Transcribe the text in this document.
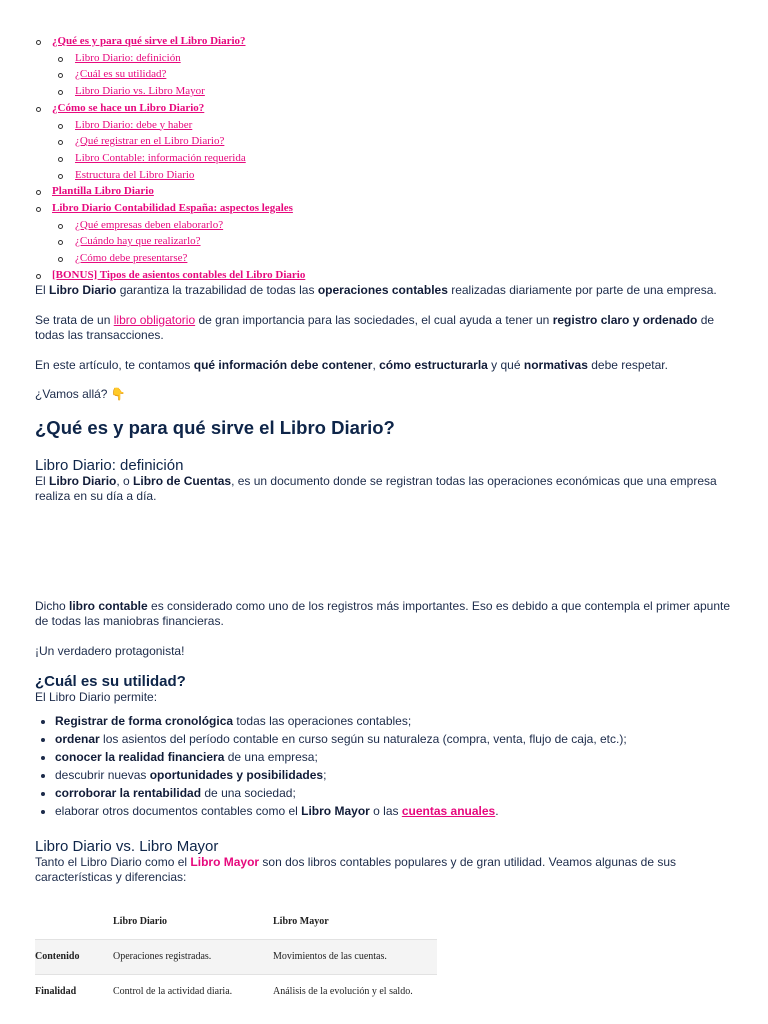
¿Qué es y para qué sirve el Libro Diario?
Libro Diario: definición
¿Cuál es su utilidad?
Libro Diario vs. Libro Mayor
¿Cómo se hace un Libro Diario?
Libro Diario: debe y haber
¿Qué registrar en el Libro Diario?
Libro Contable: información requerida
Estructura del Libro Diario
Plantilla Libro Diario
Libro Diario Contabilidad España: aspectos legales
¿Qué empresas deben elaborarlo?
¿Cuándo hay que realizarlo?
¿Cómo debe presentarse?
[BONUS] Tipos de asientos contables del Libro Diario

El Libro Diario garantiza la trazabilidad de todas las operaciones contables realizadas diariamente por parte de una empresa.

Se trata de un libro obligatorio de gran importancia para las sociedades, el cual ayuda a tener un registro claro y ordenado de todas las transacciones.

En este artículo, te contamos qué información debe contener, cómo estructurarla y qué normativas debe respetar.

¿Vamos allá? 👇

¿Qué es y para qué sirve el Libro Diario?
Libro Diario: definición

El Libro Diario, o Libro de Cuentas, es un documento donde se registran todas las operaciones económicas que una empresa realiza en su día a día.

Dicho libro contable es considerado como uno de los registros más importantes. Eso es debido a que contempla el primer apunte de todas las maniobras financieras.

¡Un verdadero protagonista!

¿Cuál es su utilidad?
El Libro Diario permite:
• Registrar de forma cronológica todas las operaciones contables;
• ordenar los asientos del período contable en curso según su naturaleza (compra, venta, flujo de caja, etc.);
• conocer la realidad financiera de una empresa;
• descubrir nuevas oportunidades y posibilidades;
• corroborar la rentabilidad de una sociedad;
• elaborar otros documentos contables como el Libro Mayor o las cuentas anuales.
Libro Diario vs. Libro Mayor

Tanto el Libro Diario como el Libro Mayor son dos libros contables populares y de gran utilidad. Veamos algunas de sus características y diferencias:

	Libro Diario	Libro Mayor
Contenido	Operaciones registradas.	Movimientos de las cuentas.
Finalidad	Control de la actividad diaria.	Análisis de la evolución y el saldo.
